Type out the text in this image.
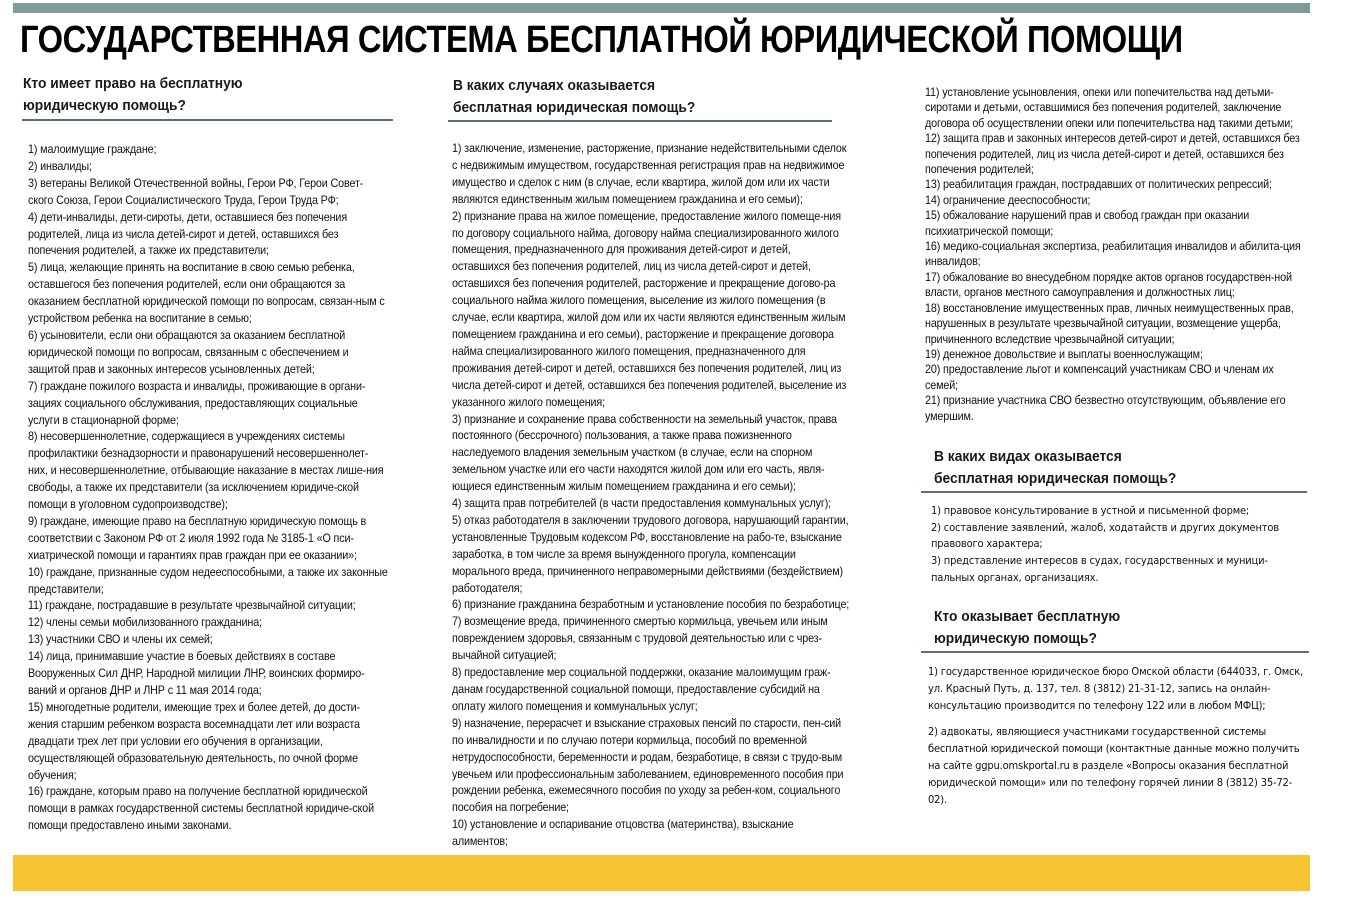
ГОСУДАРСТВЕННАЯ СИСТЕМА БЕСПЛАТНОЙ ЮРИДИЧЕСКОЙ ПОМОЩИ
Кто имеет право на бесплатную
юридическую помощь?
1) малоимущие граждане;
2) инвалиды;
3) ветераны Великой Отечественной войны, Герои РФ, Герои Совет-ского Союза, Герои Социалистического Труда, Герои Труда РФ;
4) дети-инвалиды, дети-сироты, дети, оставшиеся без попечения родителей, лица из числа детей-сирот и детей, оставшихся без попечения родителей, а также их представители;
5) лица, желающие принять на воспитание в свою семью ребенка, оставшегося без попечения родителей, если они обращаются за оказанием бесплатной юридической помощи по вопросам, связан-ным с устройством ребенка на воспитание в семью;
6) усыновители, если они обращаются за оказанием бесплатной юридической помощи по вопросам, связанным с обеспечением и защитой прав и законных интересов усыновленных детей;
7) граждане пожилого возраста и инвалиды, проживающие в органи-зациях социального обслуживания, предоставляющих социальные услуги в стационарной форме;
8) несовершеннолетние, содержащиеся в учреждениях системы профилактики безнадзорности и правонарушений несовершеннолет-них, и несовершеннолетние, отбывающие наказание в местах лише-ния свободы, а также их представители (за исключением юридиче-ской помощи в уголовном судопроизводстве);
9) граждане, имеющие право на бесплатную юридическую помощь в соответствии с Законом РФ от 2 июля 1992 года № 3185-1 «О пси-хиатрической помощи и гарантиях прав граждан при ее оказании»;
10) граждане, признанные судом недееспособными, а также их законные представители;
11) граждане, пострадавшие в результате чрезвычайной ситуации;
12) члены семьи мобилизованного гражданина;
13) участники СВО и члены их семей;
14) лица, принимавшие участие в боевых действиях в составе Вооруженных Сил ДНР, Народной милиции ЛНР, воинских формиро-ваний и органов ДНР и ЛНР с 11 мая 2014 года;
15) многодетные родители, имеющие трех и более детей, до дости-жения старшим ребенком возраста восемнадцати лет или возраста двадцати трех лет при условии его обучения в организации, осуществляющей образовательную деятельность, по очной форме обучения;
16) граждане, которым право на получение бесплатной юридической помощи в рамках государственной системы бесплатной юридиче-ской помощи предоставлено иными законами.
В каких случаях оказывается
бесплатная юридическая помощь?
1) заключение, изменение, расторжение, признание недействительными сделок с недвижимым имуществом, государственная регистрация прав на недвижимое имущество и сделок с ним (в случае, если квартира, жилой дом или их части являются единственным жилым помещением гражданина и его семьи);
2) признание права на жилое помещение, предоставление жилого помеще-ния по договору социального найма, договору найма специализированного жилого помещения, предназначенного для проживания детей-сирот и детей, оставшихся без попечения родителей, лиц из числа детей-сирот и детей, оставшихся без попечения родителей, расторжение и прекращение догово-ра социального найма жилого помещения, выселение из жилого помещения (в случае, если квартира, жилой дом или их части являются единственным жилым помещением гражданина и его семьи), расторжение и прекращение договора найма специализированного жилого помещения, предназначенного для проживания детей-сирот и детей, оставшихся без попечения родителей, лиц из числа детей-сирот и детей, оставшихся без попечения родителей, выселение из указанного жилого помещения;
3) признание и сохранение права собственности на земельный участок, права постоянного (бессрочного) пользования, а также права пожизненного наследуемого владения земельным участком (в случае, если на спорном земельном участке или его части находятся жилой дом или его часть, явля-ющиеся единственным жилым помещением гражданина и его семьи);
4) защита прав потребителей (в части предоставления коммунальных услуг);
5) отказ работодателя в заключении трудового договора, нарушающий гарантии, установленные Трудовым кодексом РФ, восстановление на рабо-те, взыскание заработка, в том числе за время вынужденного прогула, компенсации морального вреда, причиненного неправомерными действиями (бездействием) работодателя;
6) признание гражданина безработным и установление пособия по безработице;
7) возмещение вреда, причиненного смертью кормильца, увечьем или иным повреждением здоровья, связанным с трудовой деятельностью или с чрез-вычайной ситуацией;
8) предоставление мер социальной поддержки, оказание малоимущим граж-данам государственной социальной помощи, предоставление субсидий на оплату жилого помещения и коммунальных услуг;
9) назначение, перерасчет и взыскание страховых пенсий по старости, пен-сий по инвалидности и по случаю потери кормильца, пособий по временной нетрудоспособности, беременности и родам, безработице, в связи с трудо-вым увечьем или профессиональным заболеванием, единовременного пособия при рождении ребенка, ежемесячного пособия по уходу за ребен-ком, социального пособия на погребение;
10) установление и оспаривание отцовства (материнства), взыскание алиментов;
11) установление усыновления, опеки или попечительства над детьми-сиротами и детьми, оставшимися без попечения родителей, заключение договора об осуществлении опеки или попечительства над такими детьми;
12) защита прав и законных интересов детей-сирот и детей, оставшихся без попечения родителей, лиц из числа детей-сирот и детей, оставшихся без попечения родителей;
13) реабилитация граждан, пострадавших от политических репрессий;
14) ограничение дееспособности;
15) обжалование нарушений прав и свобод граждан при оказании психиатрической помощи;
16) медико-социальная экспертиза, реабилитация инвалидов и абилита-ция инвалидов;
17) обжалование во внесудебном порядке актов органов государствен-ной власти, органов местного самоуправления и должностных лиц;
18) восстановление имущественных прав, личных неимущественных прав, нарушенных в результате чрезвычайной ситуации, возмещение ущерба, причиненного вследствие чрезвычайной ситуации;
19) денежное довольствие и выплаты военнослужащим;
20) предоставление льгот и компенсаций участникам СВО и членам их семей;
21) признание участника СВО безвестно отсутствующим, объявление его умершим.
В каких видах оказывается
бесплатная юридическая помощь?
1) правовое консультирование в устной и письменной форме;
2) составление заявлений, жалоб, ходатайств и других документов правового характера;
3) представление интересов в судах, государственных и муници-пальных органах, организациях.
Кто оказывает бесплатную
юридическую помощь?
1) государственное юридическое бюро Омской области (644033, г. Омск, ул. Красный Путь, д. 137, тел. 8 (3812) 21-31-12, запись на онлайн-консультацию производится по телефону 122 или в любом МФЦ);
2) адвокаты, являющиеся участниками государственной системы бесплатной юридической помощи (контактные данные можно получить на сайте ggpu.omskportal.ru в разделе «Вопросы оказания бесплатной юридической помощи» или по телефону горячей линии 8 (3812) 35-72-02).
